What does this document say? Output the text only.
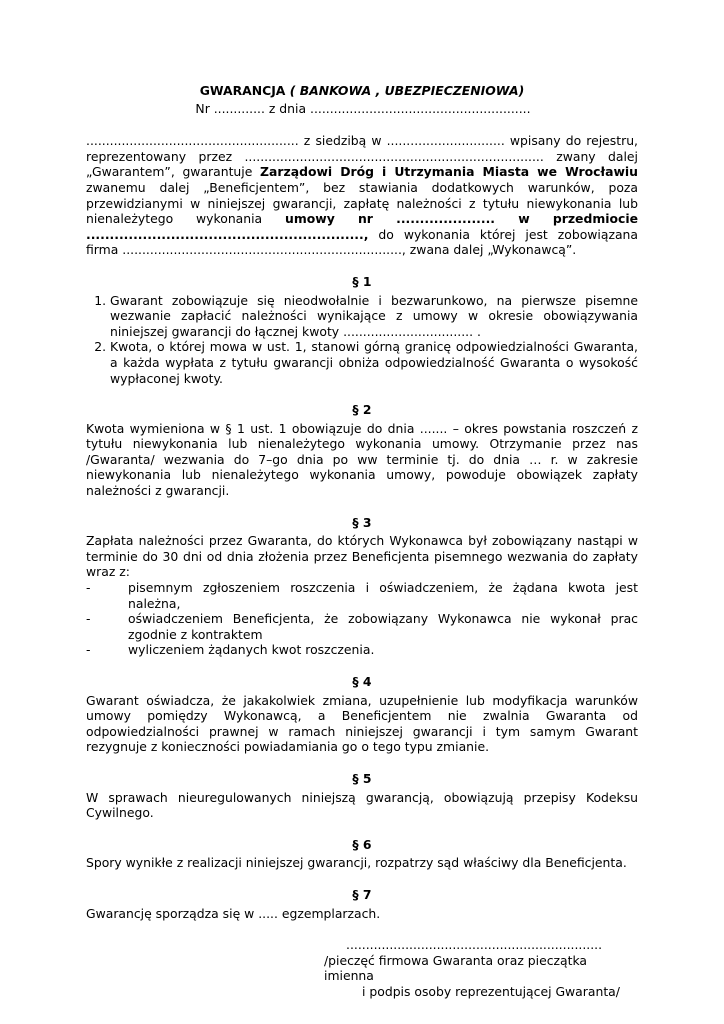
GWARANCJA ( BANKOWA , UBEZPIECZENIOWA)
Nr ............. z dnia ........................................................

...................................................... z siedzibą w .............................. wpisany do rejestru, reprezentowany przez ............................................................................ zwany dalej „Gwarantem”, gwarantuje Zarządowi Dróg i Utrzymania Miasta we Wrocławiu zwanemu dalej „Beneficjentem”, bez stawiania dodatkowych warunków, poza przewidzianymi w niniejszej gwarancji, zapłatę należności z tytułu niewykonania lub nienależytego wykonania umowy nr ..................... w przedmiocie ..........................................................., do wykonania której jest zobowiązana firma ......................................................................., zwana dalej „Wykonawcą”.

§ 1
1. Gwarant zobowiązuje się nieodwołalnie i bezwarunkowo, na pierwsze pisemne wezwanie zapłacić należności wynikające z umowy w okresie obowiązywania niniejszej gwarancji do łącznej kwoty ................................. .
2. Kwota, o której mowa w ust. 1, stanowi górną granicę odpowiedzialności Gwaranta, a każda wypłata z tytułu gwarancji obniża odpowiedzialność Gwaranta o wysokość wypłaconej kwoty.
§ 2

Kwota wymieniona w § 1 ust. 1 obowiązuje do dnia ....... – okres powstania roszczeń z tytułu niewykonania lub nienależytego wykonania umowy. Otrzymanie przez nas /Gwaranta/ wezwania do 7–go dnia po ww terminie tj. do dnia … r. w zakresie niewykonania lub nienależytego wykonania umowy, powoduje obowiązek zapłaty należności z gwarancji.

§ 3

Zapłata należności przez Gwaranta, do których Wykonawca był zobowiązany nastąpi w terminie do 30 dni od dnia złożenia przez Beneficjenta pisemnego wezwania do zapłaty wraz z:

-	pisemnym zgłoszeniem roszczenia i oświadczeniem, że żądana kwota jest należna,
-	oświadczeniem Beneficjenta, że zobowiązany Wykonawca nie wykonał prac zgodnie z kontraktem
-	wyliczeniem żądanych kwot roszczenia.
§ 4

Gwarant oświadcza, że jakakolwiek zmiana, uzupełnienie lub modyfikacja warunków umowy pomiędzy Wykonawcą, a Beneficjentem nie zwalnia Gwaranta od odpowiedzialności prawnej w ramach niniejszej gwarancji i tym samym Gwarant rezygnuje z konieczności powiadamiania go o tego typu zmianie.

§ 5

W sprawach nieuregulowanych niniejszą gwarancją, obowiązują przepisy Kodeksu Cywilnego.

§ 6

Spory wynikłe z realizacji niniejszej gwarancji, rozpatrzy sąd właściwy dla Beneficjenta.

§ 7

Gwarancję sporządza się w ..... egzemplarzach.

.................................................................
/pieczęć firmowa Gwaranta oraz pieczątka imienna
i podpis osoby reprezentującej Gwaranta/
